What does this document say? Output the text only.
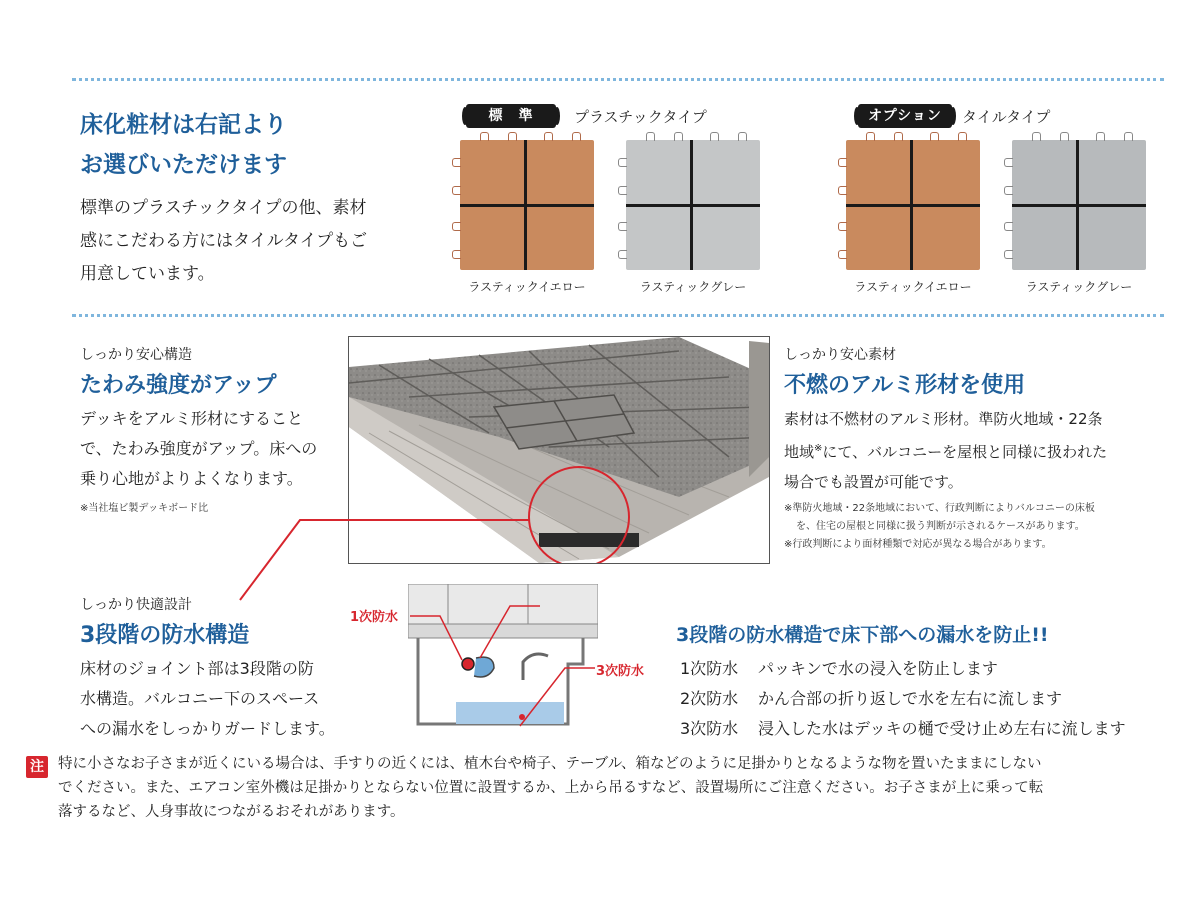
床化粧材は右記より
お選びいただけます
標準のプラスチックタイプの他、素材
感にこだわる方にはタイルタイプもご
用意しています。
標　準	プラスチックタイプ	オプション	タイルタイプ
ラスティックイエロー	ラスティックグレー	ラスティックイエロー	ラスティックグレー
しっかり安心構造
たわみ強度がアップ
デッキをアルミ形材にすること
で、たわみ強度がアップ。床への
乗り心地がよりよくなります。
※当社塩ビ製デッキボード比
しっかり安心素材
不燃のアルミ形材を使用
素材は不燃材のアルミ形材。準防火地域・22条
地域※にて、バルコニーを屋根と同様に扱われた
場合でも設置が可能です。
※準防火地域・22条地域において、行政判断によりバルコニーの床板
を、住宅の屋根と同様に扱う判断が示されるケースがあります。
※行政判断により面材種類で対応が異なる場合があります。
しっかり快適設計
3段階の防水構造
床材のジョイント部は3段階の防
水構造。バルコニー下のスペース
への漏水をしっかりガードします。
1次防水
3次防水
3段階の防水構造で床下部への漏水を防止!!
1次防水 パッキンで水の浸入を防止します
2次防水 かん合部の折り返しで水を左右に流します
3次防水 浸入した水はデッキの樋で受け止め左右に流します
注 特に小さなお子さまが近くにいる場合は、手すりの近くには、植木台や椅子、テーブル、箱などのように足掛かりとなるような物を置いたままにしない
でください。また、エアコン室外機は足掛かりとならない位置に設置するか、上から吊るすなど、設置場所にご注意ください。お子さまが上に乗って転
落するなど、人身事故につながるおそれがあります。
